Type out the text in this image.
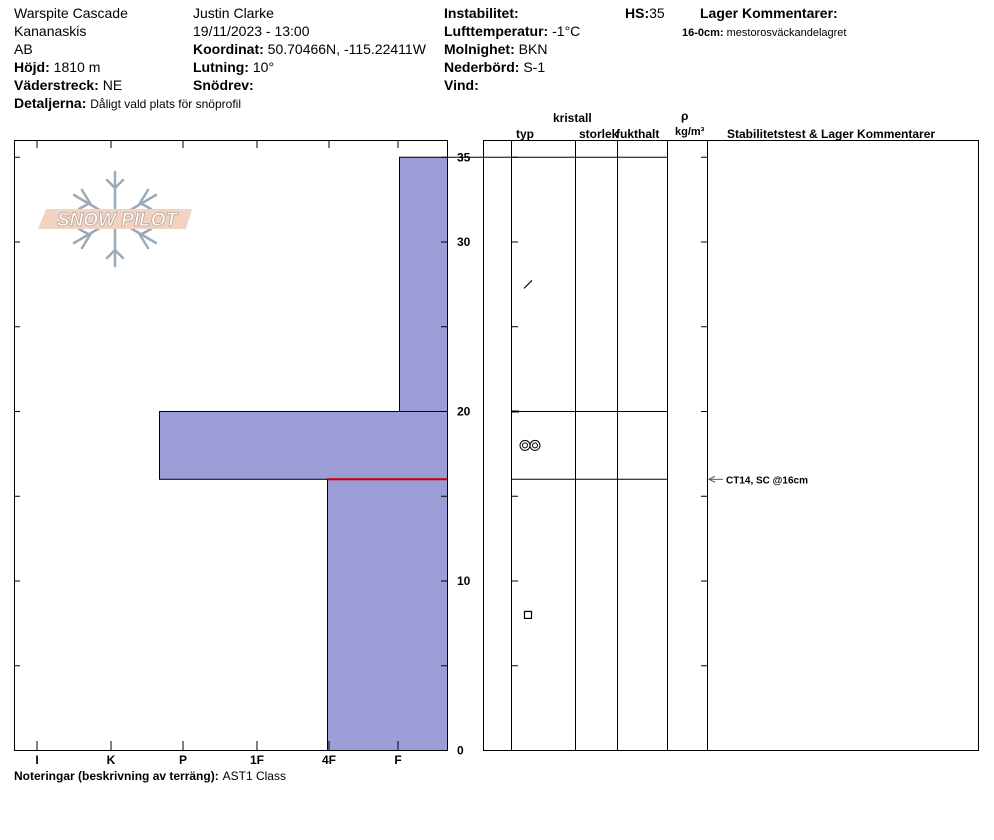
Warspite Cascade
Kananaskis
AB
Höjd: 1810 m
Väderstreck: NE
Detaljerna: Dåligt vald plats för snöprofil
Justin Clarke
19/11/2023 - 13:00
Koordinat: 50.70466N, -115.22411W
Lutning: 10°
Snödrev:
Instabilitet:
Lufttemperatur: -1°C
Molnighet: BKN
Nederbörd: S-1
Vind:
HS:35	Lager Kommentarer:
16-0cm: mestorosväckandelagret
kristall
typ	storlek
fukthalt
ρ
kg/m³ Stabilitetstest & Lager Kommentarer
SNOW PILOT
I	K	P	1F	4F	F
0
10
20
30
35
CT14, SC @16cm
Noteringar (beskrivning av terräng): AST1 Class
